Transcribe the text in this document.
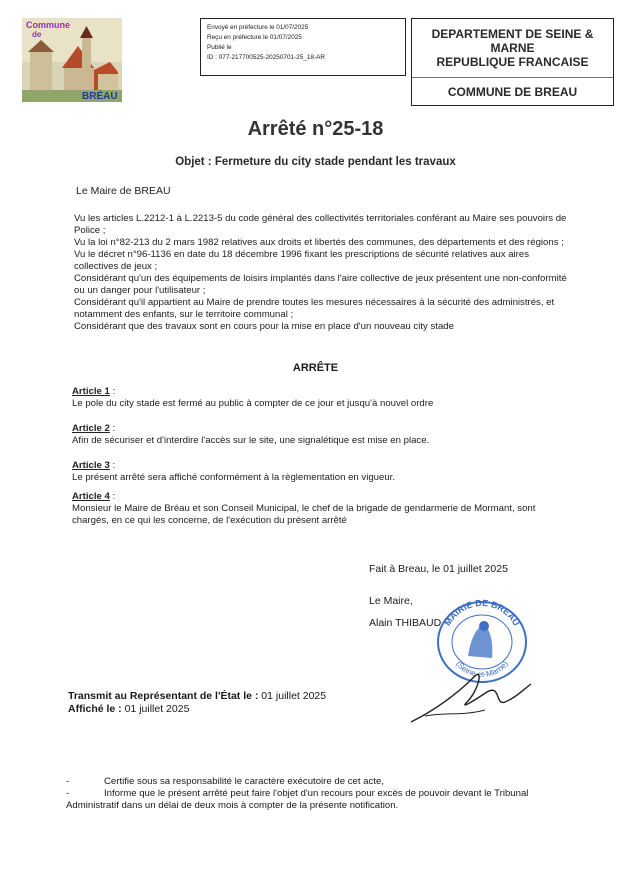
Commune
de
BRÉAU
Envoyé en préfecture le 01/07/2025
Reçu en préfecture le 01/07/2025
Publié le
ID : 077-217700525-20250701-25_18-AR
DEPARTEMENT DE SEINE &
MARNE
REPUBLIQUE FRANCAISE
COMMUNE DE BREAU
Arrêté n°25-18
Objet : Fermeture du city stade pendant les travaux
Le Maire de BREAU

Vu les articles L.2212-1 à L.2213-5 du code général des collectivités territoriales conférant au Maire ses pouvoirs de Police ;

Vu la loi n°82-213 du 2 mars 1982 relatives aux droits et libertés des communes, des départements et des régions ;

Vu le décret n°96-1136 en date du 18 décembre 1996 fixant les prescriptions de sécurité relatives aux aires collectives de jeux ;

Considérant qu'un des équipements de loisirs implantés dans l'aire collective de jeux présentent une non-conformité ou un danger pour l'utilisateur ;

Considérant qu'il appartient au Maire de prendre toutes les mesures nécessaires à la sécurité des administrés, et notamment des enfants, sur le territoire communal ;

Considérant que des travaux sont en cours pour la mise en place d'un nouveau city stade

ARRÊTE
Article 1 :
Le pole du city stade est fermé au public à compter de ce jour et jusqu'à nouvel ordre
Article 2 :
Afin de sécuriser et d'interdire l'accès sur le site, une signalétique est mise en place.
Article 3 :
Le présent arrêté sera affiché conformément à la règlementation en vigueur.
Article 4 :
Monsieur le Maire de Bréau et son Conseil Municipal, le chef de la brigade de gendarmerie de Mormant, sont chargés, en ce qui les concerne, de l'exécution du présent arrêté
Fait à Breau, le 01 juillet 2025
Le Maire,
Alain THIBAUD MAIRIE DE BREAU
(Seine-et-Marne)
Transmit au Représentant de l'État le : 01 juillet 2025
Affiché le : 01 juillet 2025
-	Certifie sous sa responsabilité le caractère exécutoire de cet acte,
-	Informe que le présent arrêté peut faire l'objet d'un recours pour excès de pouvoir devant le Tribunal Administratif dans un délai de deux mois à compter de la présente notification.
